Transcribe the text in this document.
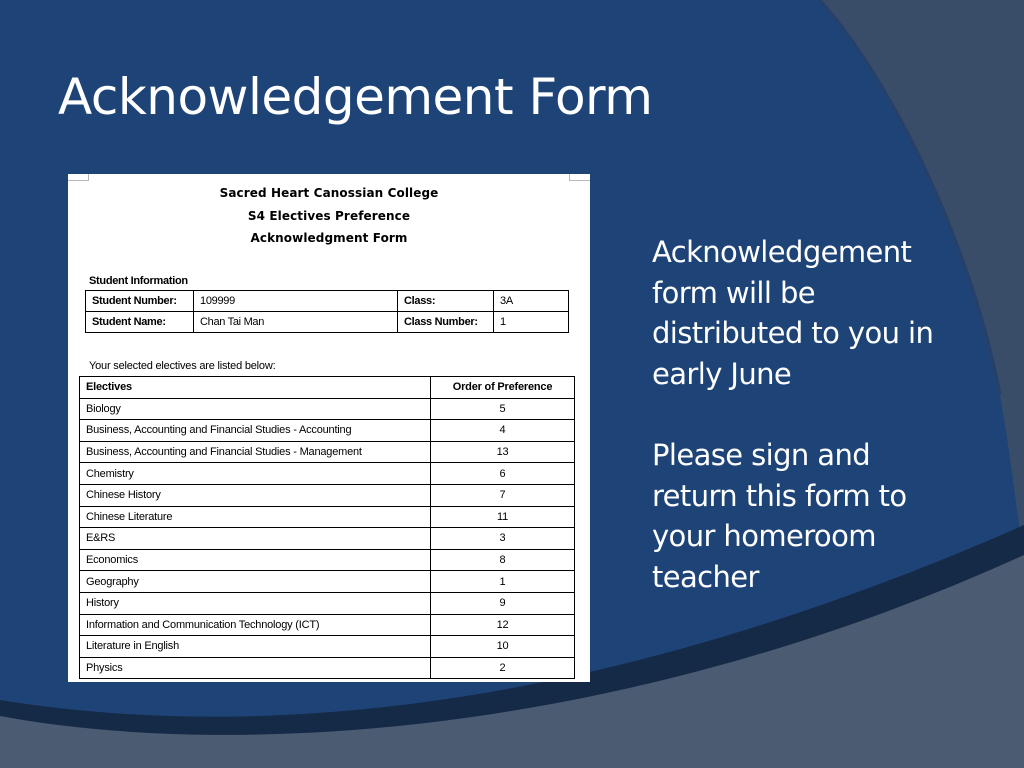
Acknowledgement Form
Sacred Heart Canossian College
S4 Electives Preference
Acknowledgment Form
Student Information
Student Number:	109999	Class:	3A
Student Name:	Chan Tai Man	Class Number:	1
Your selected electives are listed below:
Electives	Order of Preference
Biology	5
Business, Accounting and Financial Studies - Accounting	4
Business, Accounting and Financial Studies - Management	13
Chemistry	6
Chinese History	7
Chinese Literature	11
E&RS	3
Economics	8
Geography	1
History	9
Information and Communication Technology (ICT)	12
Literature in English	10
Physics	2

Acknowledgement form will be distributed to you in early June

Please sign and return this form to your homeroom teacher
